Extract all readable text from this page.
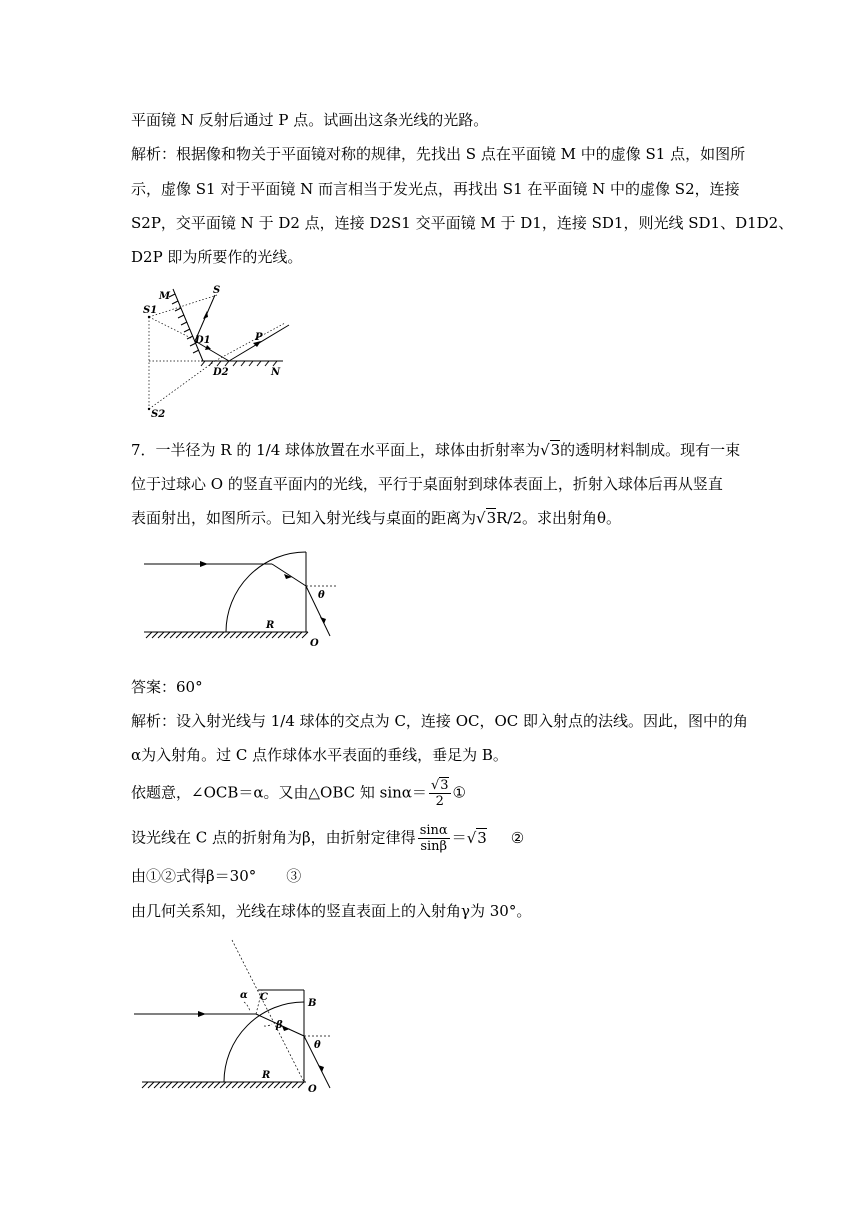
平面镜 N 反射后通过 P 点。试画出这条光线的光路。
解析：根据像和物关于平面镜对称的规律，先找出 S 点在平面镜 M 中的虚像 S1 点，如图所
示，虚像 S1 对于平面镜 N 而言相当于发光点，再找出 S1 在平面镜 N 中的虚像 S2，连接
S2P，交平面镜 N 于 D2 点，连接 D2S1 交平面镜 M 于 D1，连接 SD1，则光线 SD1、D1D2、
D2P 即为所要作的光线。
M
S
S1
D1	P
D2	N
S2
7．一半径为 R 的 1/4 球体放置在水平面上，球体由折射率为√3的透明材料制成。现有一束
位于过球心 O 的竖直平面内的光线，平行于桌面射到球体表面上，折射入球体后再从竖直
表面射出，如图所示。已知入射光线与桌面的距离为√3R/2。求出射角θ。
θ
R
O
答案：60°
解析：设入射光线与 1/4 球体的交点为 C，连接 OC，OC 即入射点的法线。因此，图中的角
α为入射角。过 C 点作球体水平表面的垂线，垂足为 B。
依题意，∠OCB＝α。又由△OBC 知 $\sin\alpha= \frac{√3}{2}$ ①
设光线在 C 点的折射角为β，由折射定律得 $\frac{\sin\alpha}{\sin\beta} =√3$ ②
由①②式得β＝30°　　③
由几何关系知，光线在球体的竖直表面上的入射角γ为 30°。
α C
B
β
θ
R
O
